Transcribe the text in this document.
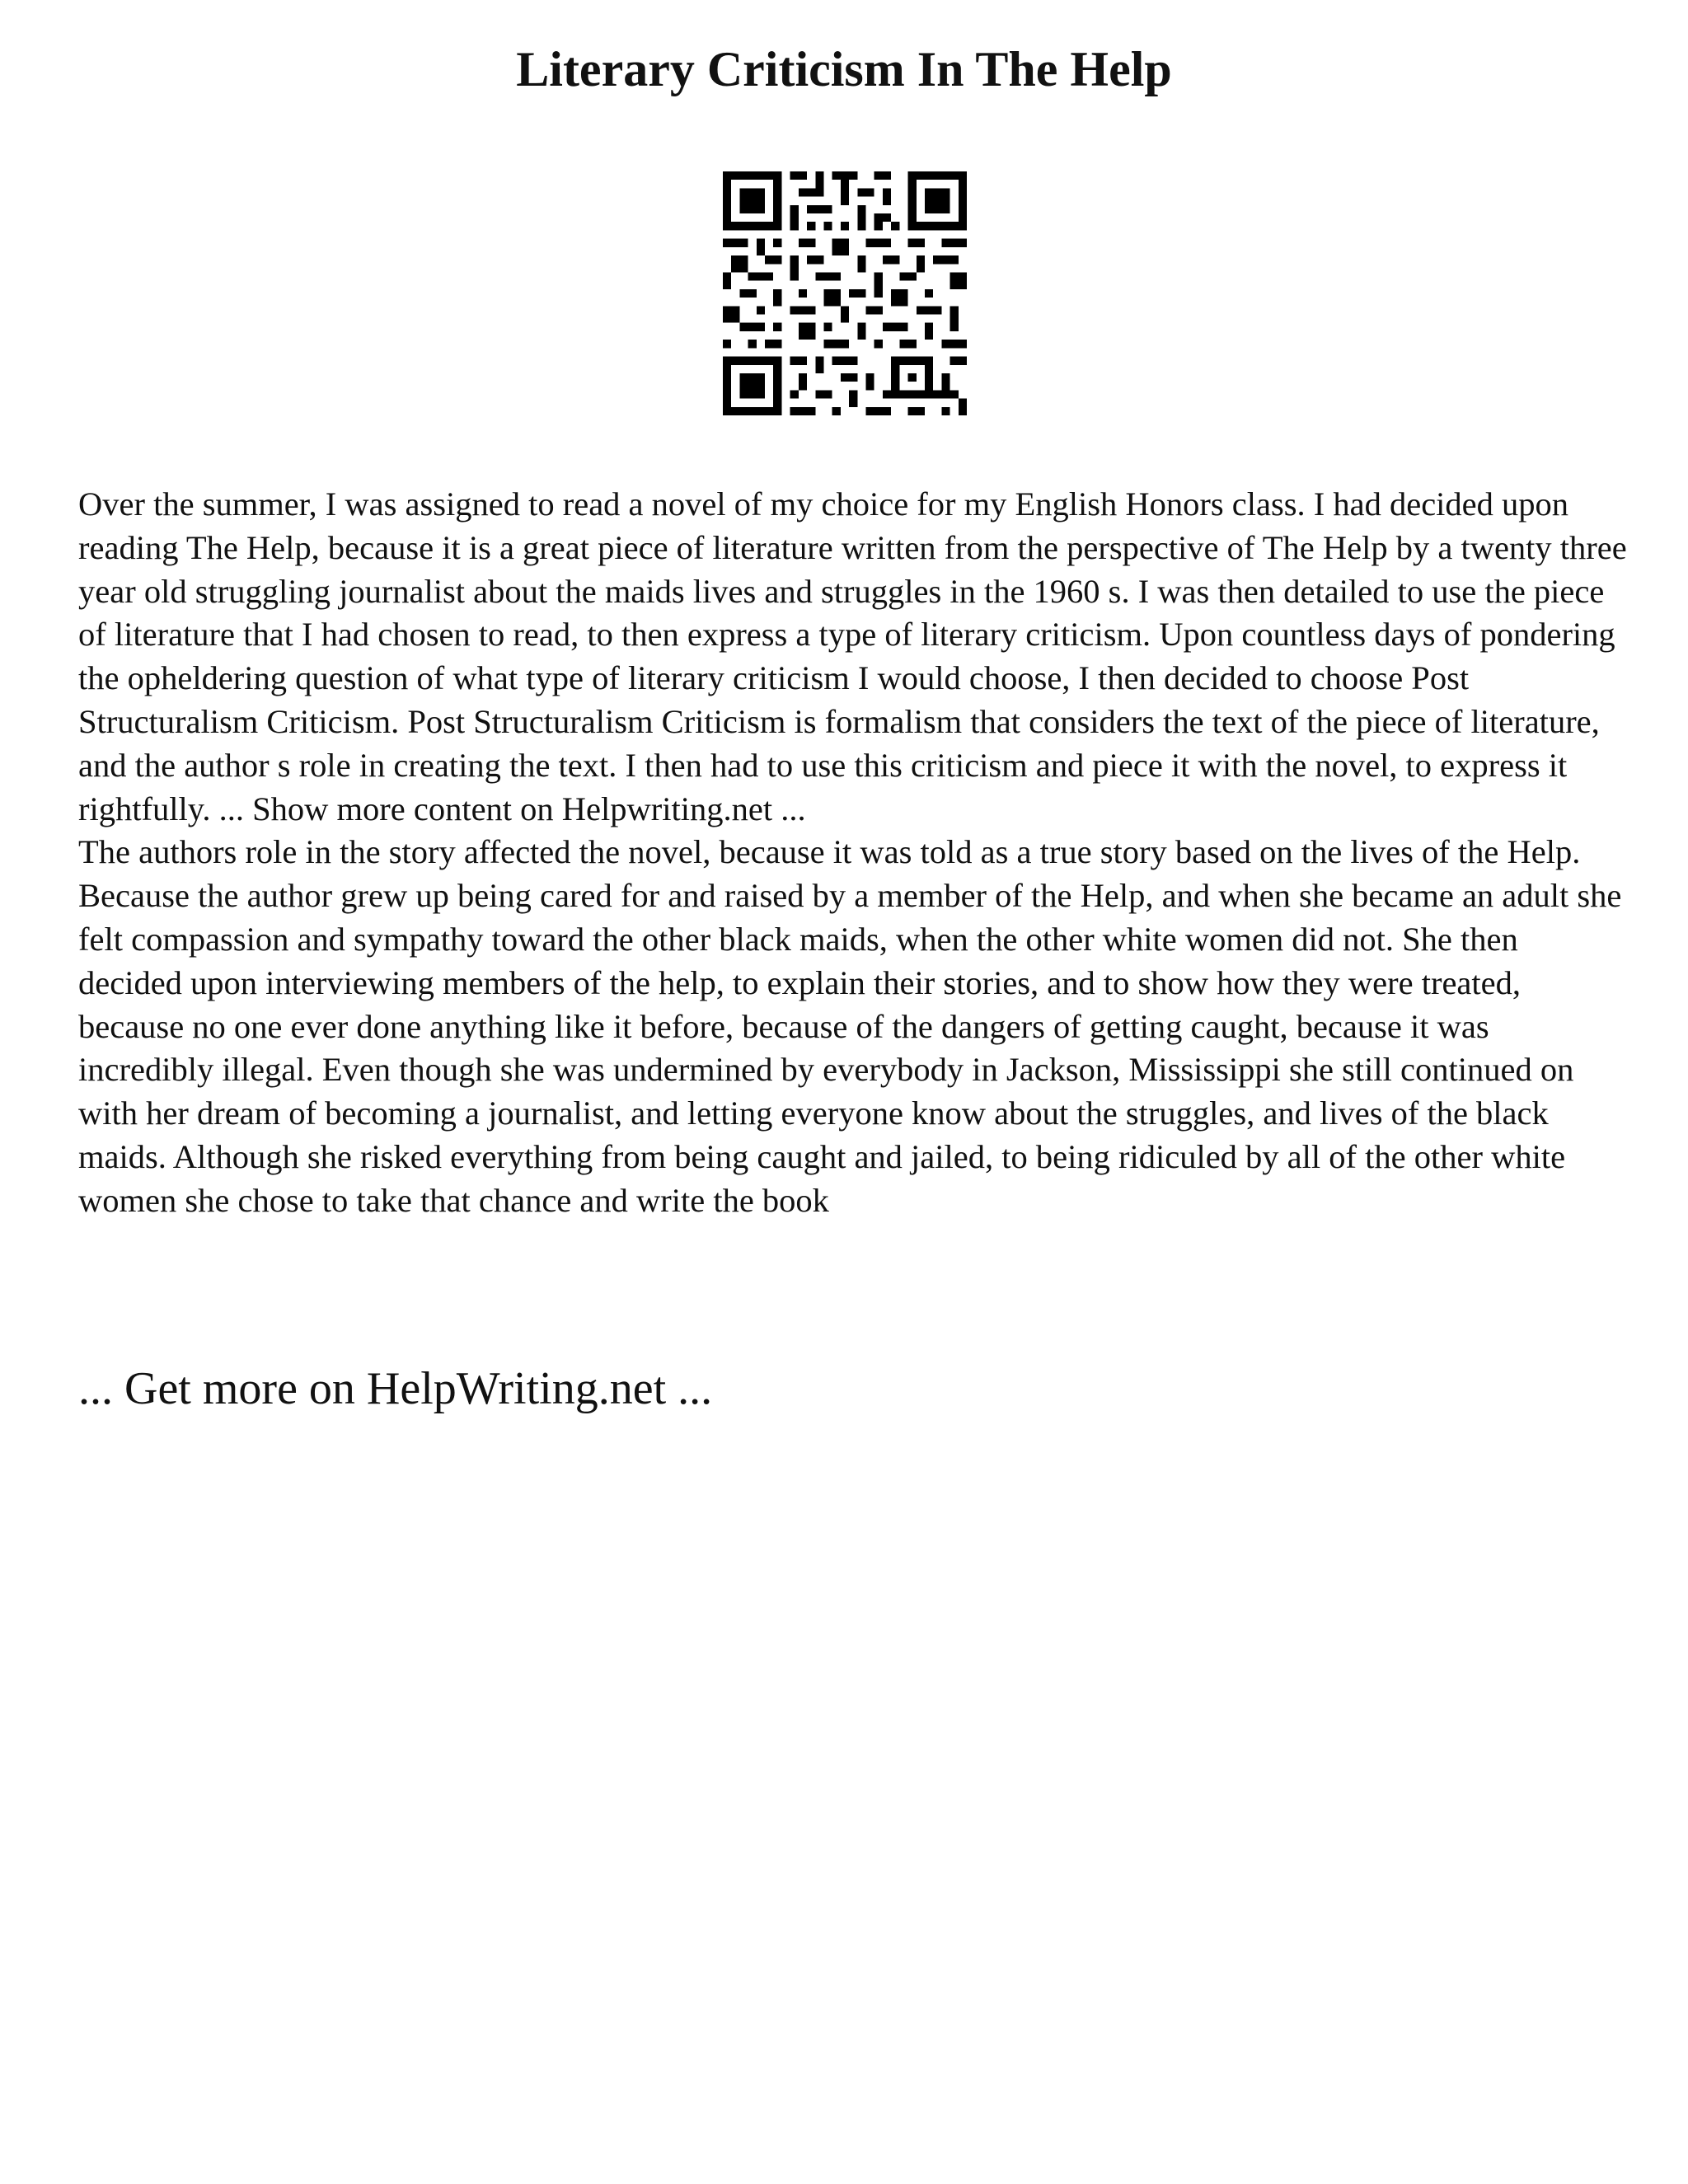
Literary Criticism In The Help

Over the summer, I was assigned to read a novel of my choice for my English Honors class. I had decided upon reading The Help, because it is a great piece of literature written from the perspective of The Help by a twenty three year old struggling journalist about the maids lives and struggles in the 1960 s. I was then detailed to use the piece of literature that I had chosen to read, to then express a type of literary criticism. Upon countless days of pondering the opheldering question of what type of literary criticism I would choose, I then decided to choose Post Structuralism Criticism. Post Structuralism Criticism is formalism that considers the text of the piece of literature, and the author s role in creating the text. I then had to use this criticism and piece it with the novel, to express it rightfully. ... Show more content on Helpwriting.net ...

The authors role in the story affected the novel, because it was told as a true story based on the lives of the Help. Because the author grew up being cared for and raised by a member of the Help, and when she became an adult she felt compassion and sympathy toward the other black maids, when the other white women did not. She then decided upon interviewing members of the help, to explain their stories, and to show how they were treated, because no one ever done anything like it before, because of the dangers of getting caught, because it was incredibly illegal. Even though she was undermined by everybody in Jackson, Mississippi she still continued on with her dream of becoming a journalist, and letting everyone know about the struggles, and lives of the black maids. Although she risked everything from being caught and jailed, to being ridiculed by all of the other white women she chose to take that chance and write the book

... Get more on HelpWriting.net ...
